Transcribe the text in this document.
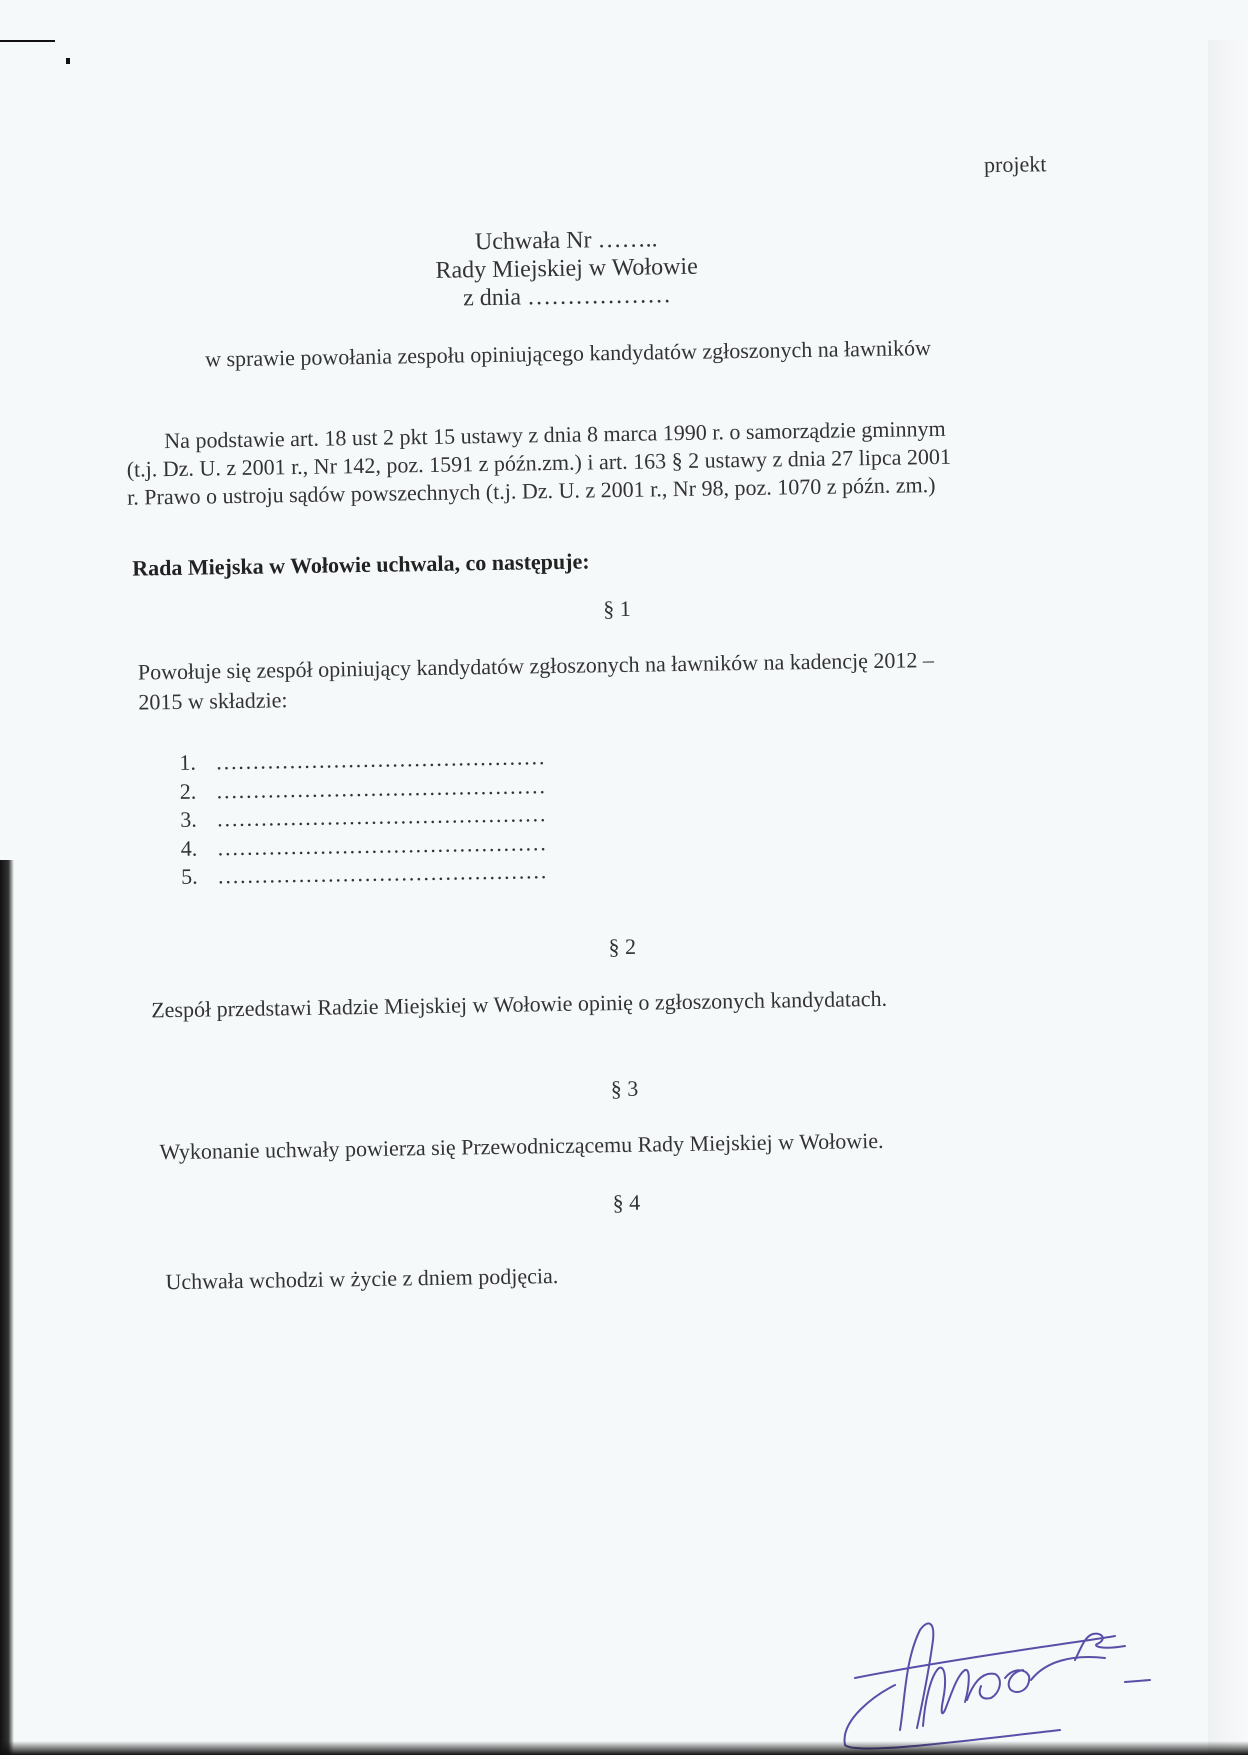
projekt
Uchwała Nr ……..
Rady Miejskiej w Wołowie
z dnia ………………
w sprawie powołania zespołu opiniującego kandydatów zgłoszonych na ławników

Na podstawie art. 18 ust 2 pkt 15 ustawy z dnia 8 marca 1990 r. o samorządzie gminnym

(t.j. Dz. U. z 2001 r., Nr 142, poz. 1591 z późn.zm.) i art. 163 § 2 ustawy z dnia 27 lipca 2001
r. Prawo o ustroju sądów powszechnych (t.j. Dz. U. z 2001 r., Nr 98, poz. 1070 z późn. zm.)
Rada Miejska w Wołowie uchwala, co następuje:
§ 1
Powołuje się zespół opiniujący kandydatów zgłoszonych na ławników na kadencję 2012 –
2015 w składzie:
1. ………………………………………
2. ………………………………………
3. ………………………………………
4. ………………………………………
5. ………………………………………
§ 2
Zespół przedstawi Radzie Miejskiej w Wołowie opinię o zgłoszonych kandydatach.
§ 3
Wykonanie uchwały powierza się Przewodniczącemu Rady Miejskiej w Wołowie.
§ 4
Uchwała wchodzi w życie z dniem podjęcia.
